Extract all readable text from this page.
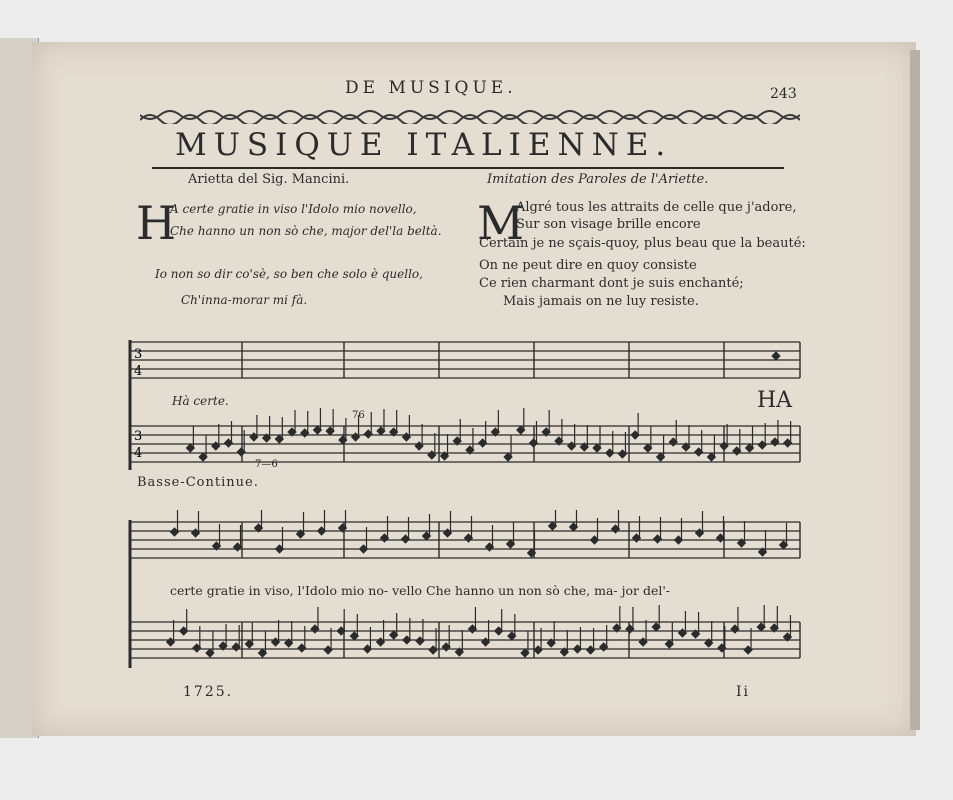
DE MUSIQUE.	243
MUSIQUE ITALIENNE.
Arietta del Sig. Mancini.	Imitation des Paroles de l'Ariette.
H
A certe gratie in viso l'Idolo mio novello,
Che hanno un non sò che, major del'la beltà.
Io non so dir co'sè, so ben che solo è quello,
Ch'inna-morar mi fà.
M
Algré tous les attraits de celle que j'adore,
Sur son visage brille encore
Certain je ne sçais-quoy, plus beau que la beauté:
On ne peut dire en quoy consiste
Ce rien charmant dont je suis enchanté;
Mais jamais on ne luy resiste.
3
4
3
4
Hà certe.	HA
76
7—6
Basse-Continue.
certe gratie in viso, l'Idolo mio no- vello Che hanno un non sò che, ma- jor del'-
1725.	Ii
